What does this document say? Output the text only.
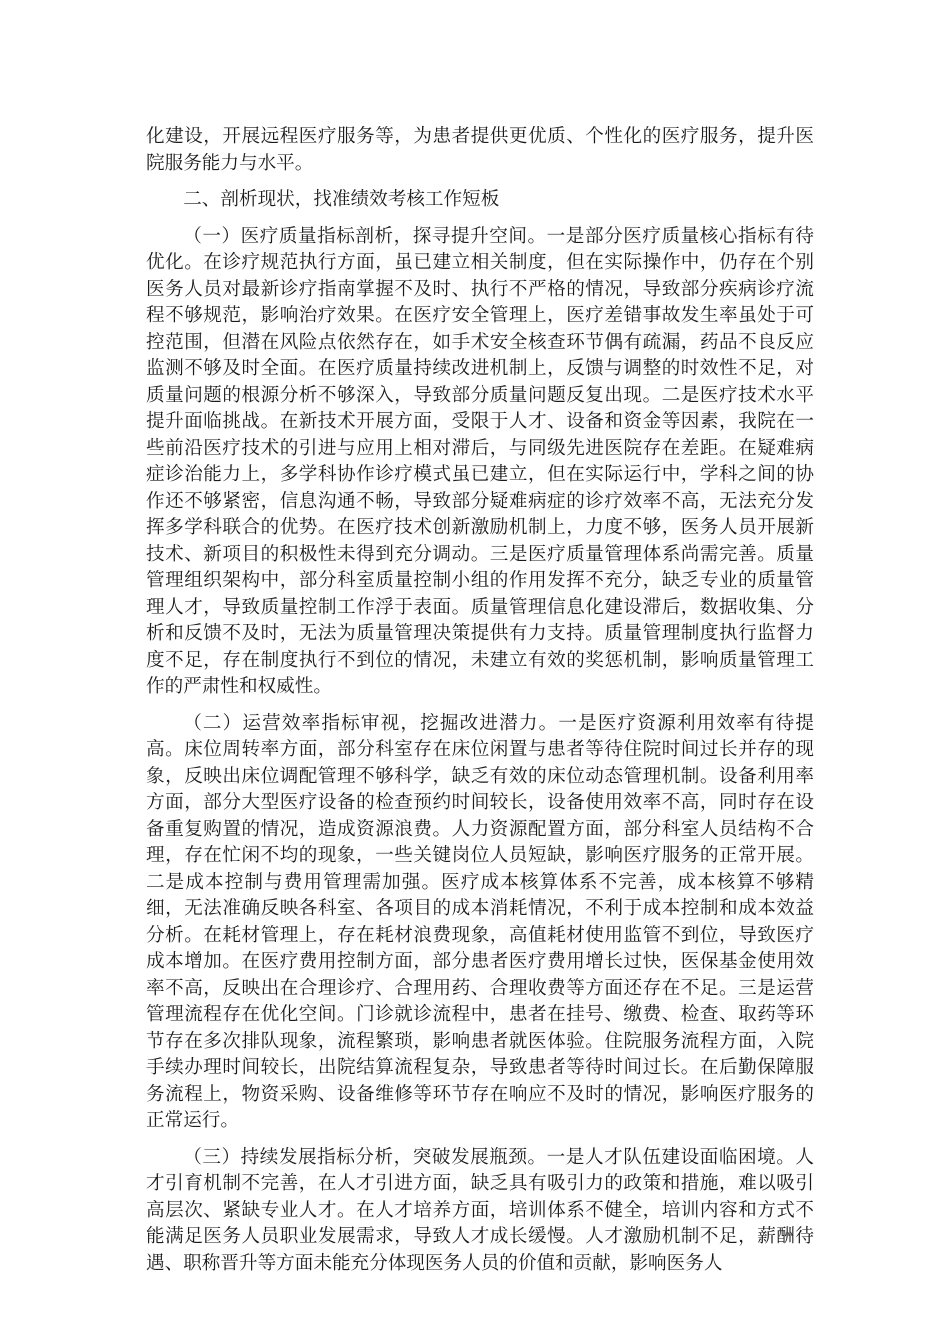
化建设，开展远程医疗服务等，为患者提供更优质、个性化的医疗服务，提升医院服务能力与水平。

二、剖析现状，找准绩效考核工作短板

（一）医疗质量指标剖析，探寻提升空间。一是部分医疗质量核心指标有待优化。在诊疗规范执行方面，虽已建立相关制度，但在实际操作中，仍存在个别医务人员对最新诊疗指南掌握不及时、执行不严格的情况，导致部分疾病诊疗流程不够规范，影响治疗效果。在医疗安全管理上，医疗差错事故发生率虽处于可控范围，但潜在风险点依然存在，如手术安全核查环节偶有疏漏，药品不良反应监测不够及时全面。在医疗质量持续改进机制上，反馈与调整的时效性不足，对质量问题的根源分析不够深入，导致部分质量问题反复出现。二是医疗技术水平提升面临挑战。在新技术开展方面，受限于人才、设备和资金等因素，我院在一些前沿医疗技术的引进与应用上相对滞后，与同级先进医院存在差距。在疑难病症诊治能力上，多学科协作诊疗模式虽已建立，但在实际运行中，学科之间的协作还不够紧密，信息沟通不畅，导致部分疑难病症的诊疗效率不高，无法充分发挥多学科联合的优势。在医疗技术创新激励机制上，力度不够，医务人员开展新技术、新项目的积极性未得到充分调动。三是医疗质量管理体系尚需完善。质量管理组织架构中，部分科室质量控制小组的作用发挥不充分，缺乏专业的质量管理人才，导致质量控制工作浮于表面。质量管理信息化建设滞后，数据收集、分析和反馈不及时，无法为质量管理决策提供有力支持。质量管理制度执行监督力度不足，存在制度执行不到位的情况，未建立有效的奖惩机制，影响质量管理工作的严肃性和权威性。

（二）运营效率指标审视，挖掘改进潜力。一是医疗资源利用效率有待提高。床位周转率方面，部分科室存在床位闲置与患者等待住院时间过长并存的现象，反映出床位调配管理不够科学，缺乏有效的床位动态管理机制。设备利用率方面，部分大型医疗设备的检查预约时间较长，设备使用效率不高，同时存在设备重复购置的情况，造成资源浪费。人力资源配置方面，部分科室人员结构不合理，存在忙闲不均的现象，一些关键岗位人员短缺，影响医疗服务的正常开展。二是成本控制与费用管理需加强。医疗成本核算体系不完善，成本核算不够精细，无法准确反映各科室、各项目的成本消耗情况，不利于成本控制和成本效益分析。在耗材管理上，存在耗材浪费现象，高值耗材使用监管不到位，导致医疗成本增加。在医疗费用控制方面，部分患者医疗费用增长过快，医保基金使用效率不高，反映出在合理诊疗、合理用药、合理收费等方面还存在不足。三是运营管理流程存在优化空间。门诊就诊流程中，患者在挂号、缴费、检查、取药等环节存在多次排队现象，流程繁琐，影响患者就医体验。住院服务流程方面，入院手续办理时间较长，出院结算流程复杂，导致患者等待时间过长。在后勤保障服务流程上，物资采购、设备维修等环节存在响应不及时的情况，影响医疗服务的正常运行。

（三）持续发展指标分析，突破发展瓶颈。一是人才队伍建设面临困境。人才引育机制不完善，在人才引进方面，缺乏具有吸引力的政策和措施，难以吸引高层次、紧缺专业人才。在人才培养方面，培训体系不健全，培训内容和方式不能满足医务人员职业发展需求，导致人才成长缓慢。人才激励机制不足，薪酬待遇、职称晋升等方面未能充分体现医务人员的价值和贡献，影响医务人
